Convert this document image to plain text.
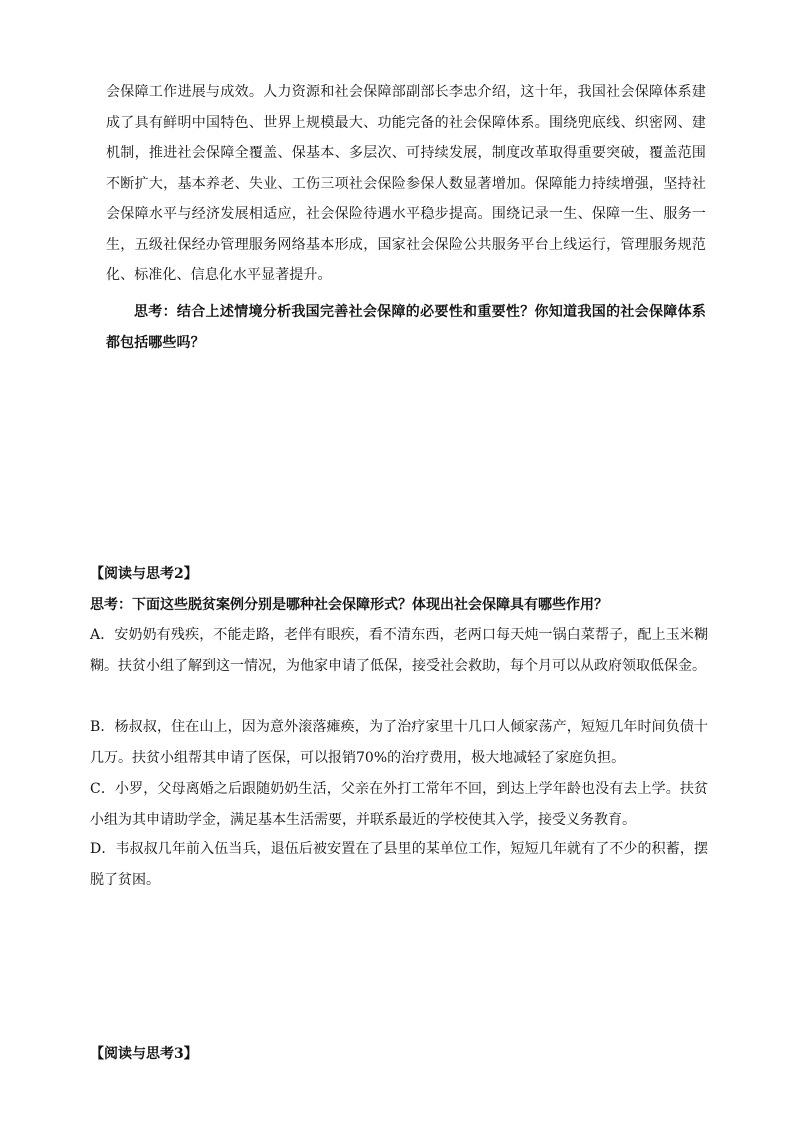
会保障工作进展与成效。人力资源和社会保障部副部长李忠介绍，这十年，我国社会保障体系建成了具有鲜明中国特色、世界上规模最大、功能完备的社会保障体系。围绕兜底线、织密网、建机制，推进社会保障全覆盖、保基本、多层次、可持续发展，制度改革取得重要突破，覆盖范围不断扩大，基本养老、失业、工伤三项社会保险参保人数显著增加。保障能力持续增强，坚持社会保障水平与经济发展相适应，社会保险待遇水平稳步提高。围绕记录一生、保障一生、服务一生，五级社保经办管理服务网络基本形成，国家社会保险公共服务平台上线运行，管理服务规范化、标准化、信息化水平显著提升。

思考：结合上述情境分析我国完善社会保障的必要性和重要性？你知道我国的社会保障体系都包括哪些吗？

【阅读与思考2】

思考：下面这些脱贫案例分别是哪种社会保障形式？体现出社会保障具有哪些作用？

A．安奶奶有残疾，不能走路，老伴有眼疾，看不清东西，老两口每天炖一锅白菜帮子，配上玉米糊糊。扶贫小组了解到这一情况，为他家申请了低保，接受社会救助，每个月可以从政府领取低保金。

B．杨叔叔，住在山上，因为意外滚落瘫痪，为了治疗家里十几口人倾家荡产，短短几年时间负债十几万。扶贫小组帮其申请了医保，可以报销70%的治疗费用，极大地减轻了家庭负担。

C．小罗，父母离婚之后跟随奶奶生活，父亲在外打工常年不回，到达上学年龄也没有去上学。扶贫小组为其申请助学金，满足基本生活需要，并联系最近的学校使其入学，接受义务教育。

D．韦叔叔几年前入伍当兵，退伍后被安置在了县里的某单位工作，短短几年就有了不少的积蓄，摆脱了贫困。

【阅读与思考3】
